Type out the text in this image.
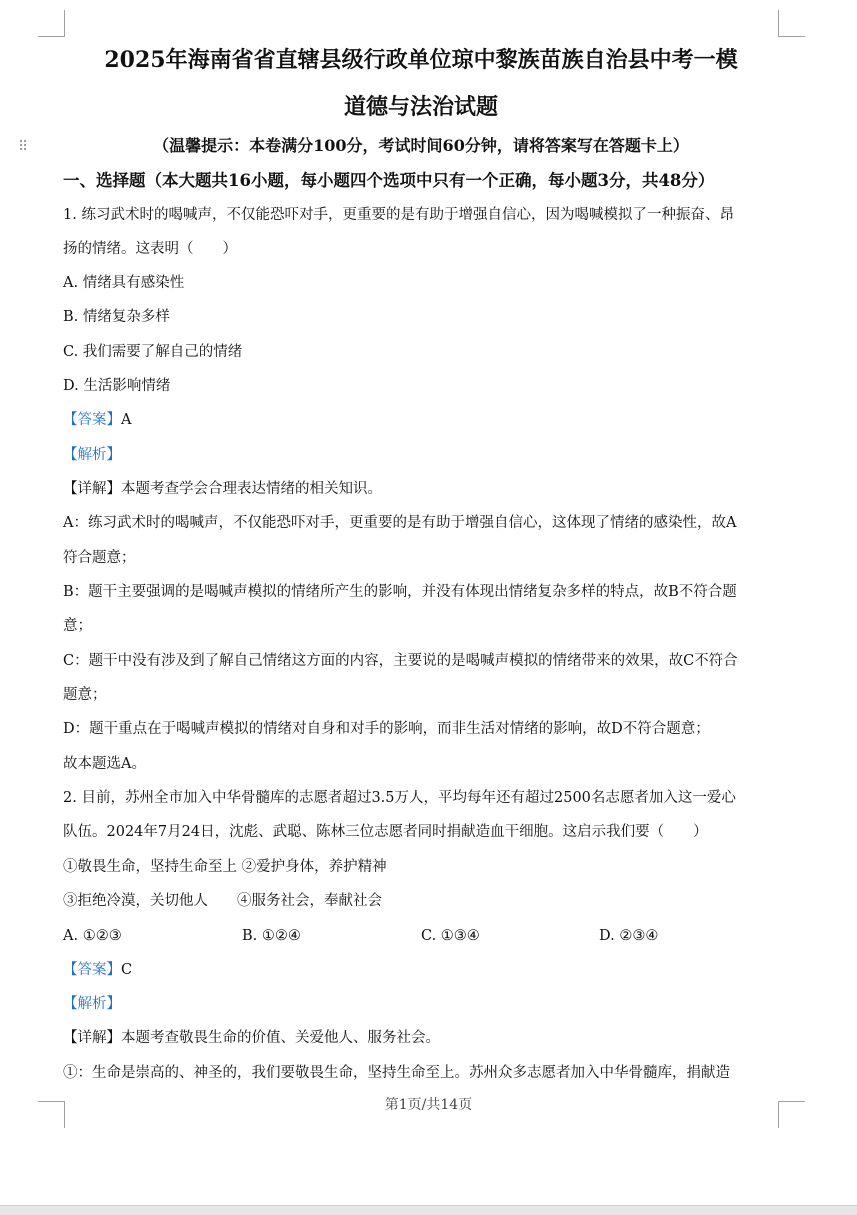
⠿
2025年海南省省直辖县级行政单位琼中黎族苗族自治县中考一模
道德与法治试题
（温馨提示：本卷满分100分，考试时间60分钟，请将答案写在答题卡上）
一、选择题（本大题共16小题，每小题四个选项中只有一个正确，每小题3分，共48分）
1. 练习武术时的喝喊声，不仅能恐吓对手，更重要的是有助于增强自信心，因为喝喊模拟了一种振奋、昂
扬的情绪。这表明（　　）
A. 情绪具有感染性
B. 情绪复杂多样
C. 我们需要了解自己的情绪
D. 生活影响情绪
【答案】A
【解析】
【详解】本题考查学会合理表达情绪的相关知识。
A：练习武术时的喝喊声，不仅能恐吓对手，更重要的是有助于增强自信心，这体现了情绪的感染性，故A
符合题意；
B：题干主要强调的是喝喊声模拟的情绪所产生的影响，并没有体现出情绪复杂多样的特点，故B不符合题
意；
C：题干中没有涉及到了解自己情绪这方面的内容，主要说的是喝喊声模拟的情绪带来的效果，故C不符合
题意；
D：题干重点在于喝喊声模拟的情绪对自身和对手的影响，而非生活对情绪的影响，故D不符合题意；
故本题选A。
2. 目前，苏州全市加入中华骨髓库的志愿者超过3.5万人，平均每年还有超过2500名志愿者加入这一爱心
队伍。2024年7月24日，沈彪、武聪、陈林三位志愿者同时捐献造血干细胞。这启示我们要（　　）
①敬畏生命，坚持生命至上 ②爱护身体，养护精神
③拒绝冷漠，关切他人　　④服务社会，奉献社会
A. ①②③	B. ①②④	C. ①③④	D. ②③④
【答案】C
【解析】
【详解】本题考查敬畏生命的价值、关爱他人、服务社会。
①：生命是崇高的、神圣的，我们要敬畏生命，坚持生命至上。苏州众多志愿者加入中华骨髓库，捐献造
第1页/共14页
